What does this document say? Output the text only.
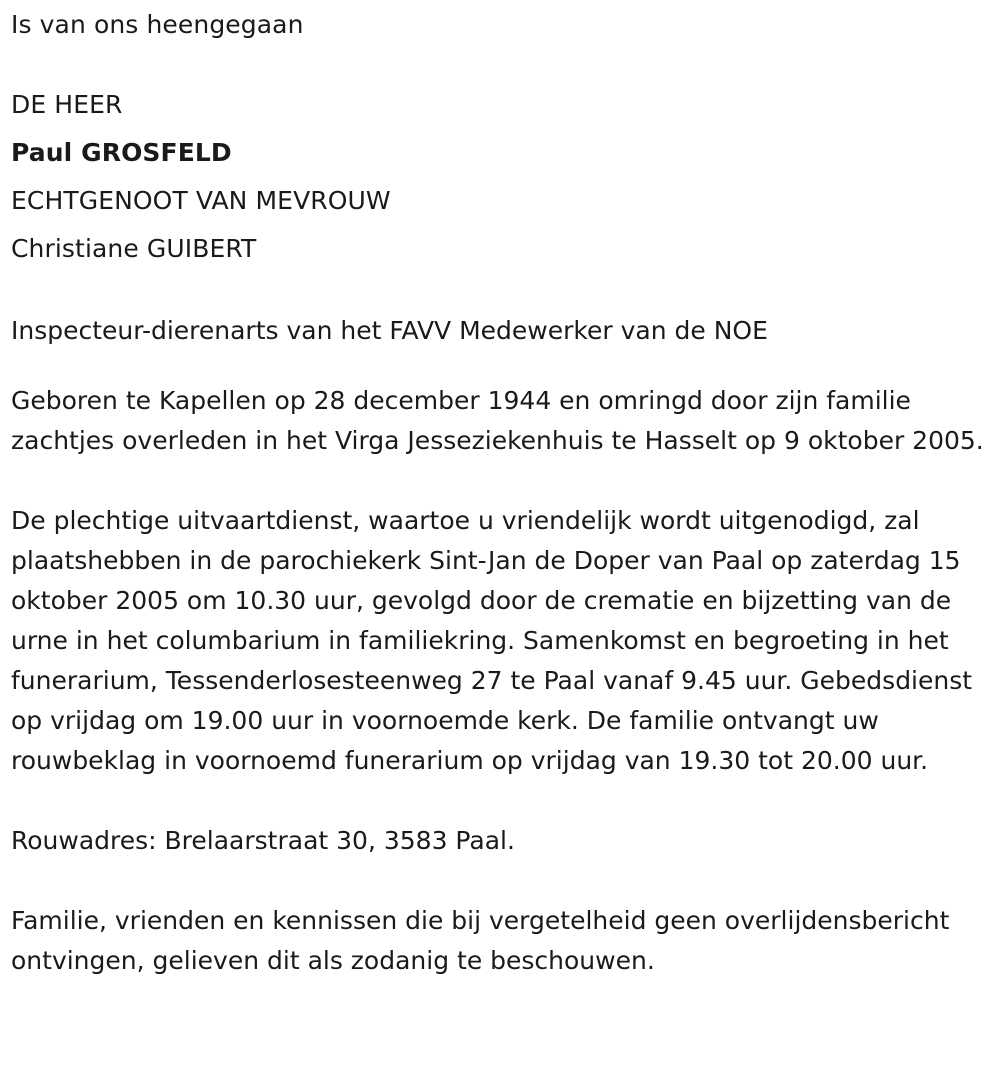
Is van ons heengegaan

DE HEER

Paul GROSFELD

ECHTGENOOT VAN MEVROUW

Christiane GUIBERT

Inspecteur-dierenarts van het FAVV Medewerker van de NOE

Geboren te Kapellen op 28 december 1944 en omringd door zijn familie zachtjes overleden in het Virga Jesseziekenhuis te Hasselt op 9 oktober 2005.

De plechtige uitvaartdienst, waartoe u vriendelijk wordt uitgenodigd, zal plaatshebben in de parochiekerk Sint-Jan de Doper van Paal op zaterdag 15 oktober 2005 om 10.30 uur, gevolgd door de crematie en bijzetting van de urne in het columbarium in familiekring. Samenkomst en begroeting in het funerarium, Tessenderlosesteenweg 27 te Paal vanaf 9.45 uur. Gebedsdienst op vrijdag om 19.00 uur in voornoemde kerk. De familie ontvangt uw rouwbeklag in voornoemd funerarium op vrijdag van 19.30 tot 20.00 uur.

Rouwadres: Brelaarstraat 30, 3583 Paal.

Familie, vrienden en kennissen die bij vergetelheid geen overlijdensbericht ontvingen, gelieven dit als zodanig te beschouwen.
